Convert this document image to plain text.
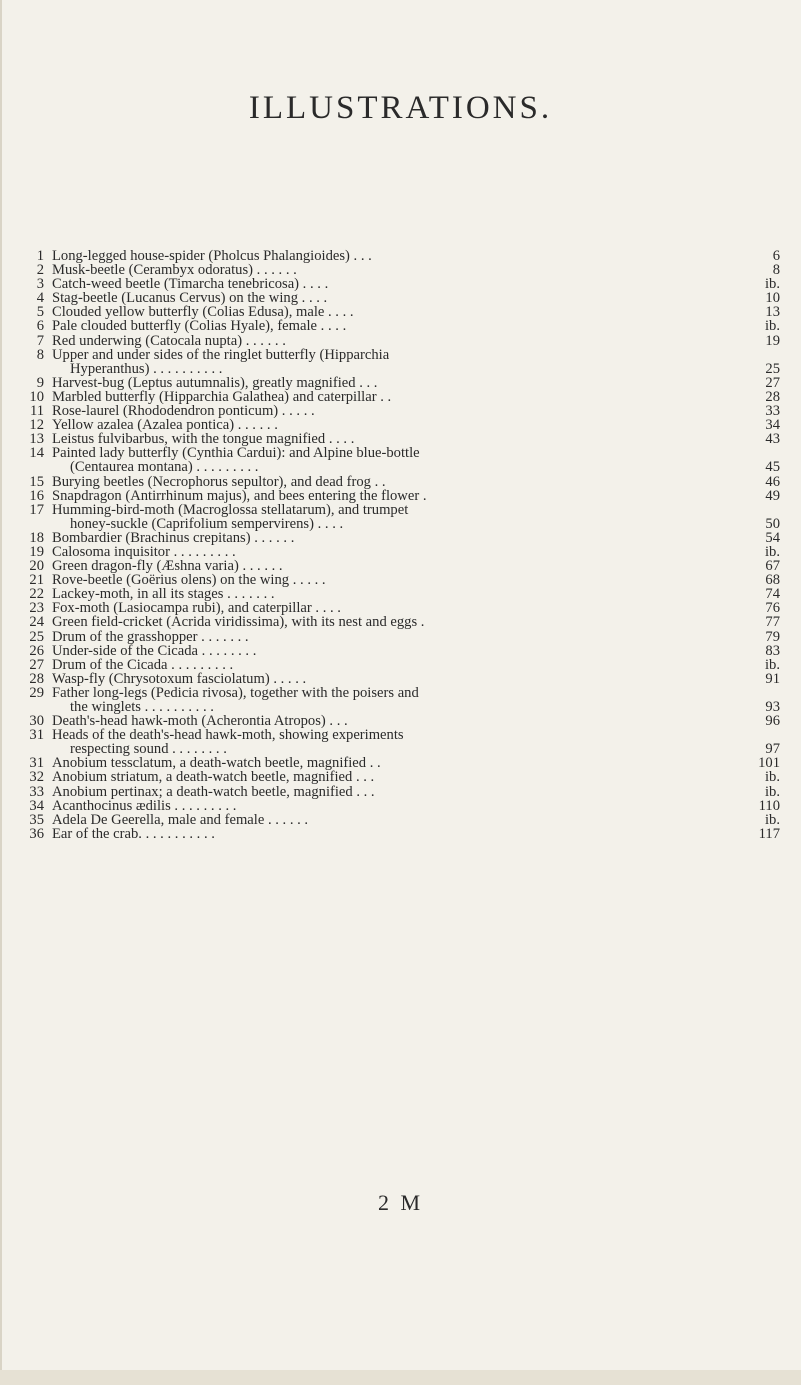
ILLUSTRATIONS.
1 Long-legged house-spider (Pholcus Phalangioides) . . .	6
2 Musk-beetle (Cerambyx odoratus) . . . . . .	8
3 Catch-weed beetle (Timarcha tenebricosa) . . . .	ib.
4 Stag-beetle (Lucanus Cervus) on the wing . . . .	10
5 Clouded yellow butterfly (Colias Edusa), male . . . .	13
6 Pale clouded butterfly (Colias Hyale), female . . . .	ib.
7 Red underwing (Catocala nupta) . . . . . .	19
8 Upper and under sides of the ringlet butterfly (Hipparchia
Hyperanthus) . . . . . . . . . .	25
9 Harvest-bug (Leptus autumnalis), greatly magnified . . .	27
10 Marbled butterfly (Hipparchia Galathea) and caterpillar . .	28
11 Rose-laurel (Rhododendron ponticum) . . . . .	33
12 Yellow azalea (Azalea pontica) . . . . . .	34
13 Leistus fulvibarbus, with the tongue magnified . . . .	43
14 Painted lady butterfly (Cynthia Cardui): and Alpine blue-bottle
(Centaurea montana) . . . . . . . . .	45
15 Burying beetles (Necrophorus sepultor), and dead frog . .	46
16 Snapdragon (Antirrhinum majus), and bees entering the flower .	49
17 Humming-bird-moth (Macroglossa stellatarum), and trumpet
honey-suckle (Caprifolium sempervirens) . . . .	50
18 Bombardier (Brachinus crepitans) . . . . . .	54
19 Calosoma inquisitor . . . . . . . . .	ib.
20 Green dragon-fly (Æshna varia) . . . . . .	67
21 Rove-beetle (Goërius olens) on the wing . . . . .	68
22 Lackey-moth, in all its stages . . . . . . .	74
23 Fox-moth (Lasiocampa rubi), and caterpillar . . . .	76
24 Green field-cricket (Acrida viridissima), with its nest and eggs .	77
25 Drum of the grasshopper . . . . . . .	79
26 Under-side of the Cicada . . . . . . . .	83
27 Drum of the Cicada . . . . . . . . .	ib.
28 Wasp-fly (Chrysotoxum fasciolatum) . . . . .	91
29 Father long-legs (Pedicia rivosa), together with the poisers and
the winglets . . . . . . . . . .	93
30 Death's-head hawk-moth (Acherontia Atropos) . . .	96
31 Heads of the death's-head hawk-moth, showing experiments
respecting sound . . . . . . . .	97
31 Anobium tessclatum, a death-watch beetle, magnified . .	101
32 Anobium striatum, a death-watch beetle, magnified . . .	ib.
33 Anobium pertinax; a death-watch beetle, magnified . . .	ib.
34 Acanthocinus ædilis . . . . . . . . .	110
35 Adela De Geerella, male and female . . . . . .	ib.
36 Ear of the crab. . . . . . . . . . .	117
2 M
